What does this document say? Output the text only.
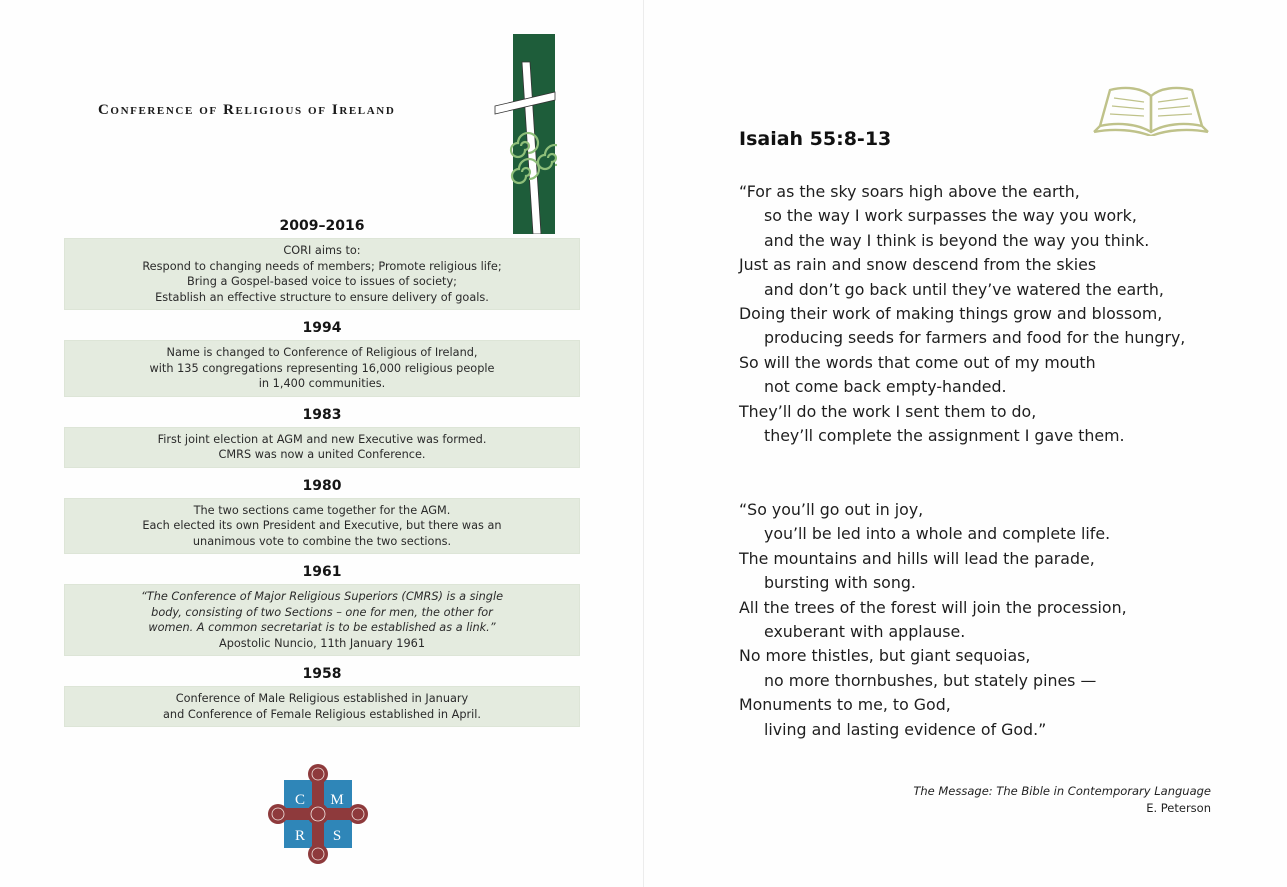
Conference of Religious of Ireland
2009–2016

CORI aims to:

Respond to changing needs of members; Promote religious life;

Bring a Gospel-based voice to issues of society;

Establish an effective structure to ensure delivery of goals.

1994

Name is changed to Conference of Religious of Ireland,

with 135 congregations representing 16,000 religious people

in 1,400 communities.

1983

First joint election at AGM and new Executive was formed.

CMRS was now a united Conference.

1980

The two sections came together for the AGM.

Each elected its own President and Executive, but there was an

unanimous vote to combine the two sections.

1961

“The Conference of Major Religious Superiors (CMRS) is a single

body, consisting of two Sections – one for men, the other for

women. A common secretariat is to be established as a link.”

Apostolic Nuncio, 11th January 1961

1958

Conference of Male Religious established in January

and Conference of Female Religious established in April.

C M
R S
Isaiah 55:8-13
“For as the sky soars high above the earth,
so the way I work surpasses the way you work,
and the way I think is beyond the way you think.
Just as rain and snow descend from the skies
and don’t go back until they’ve watered the earth,
Doing their work of making things grow and blossom,
producing seeds for farmers and food for the hungry,
So will the words that come out of my mouth
not come back empty-handed.
They’ll do the work I sent them to do,
they’ll complete the assignment I gave them.
“So you’ll go out in joy,
you’ll be led into a whole and complete life.
The mountains and hills will lead the parade,
bursting with song.
All the trees of the forest will join the procession,
exuberant with applause.
No more thistles, but giant sequoias,
no more thornbushes, but stately pines —
Monuments to me, to God,
living and lasting evidence of God.”
The Message: The Bible in Contemporary Language
E. Peterson
